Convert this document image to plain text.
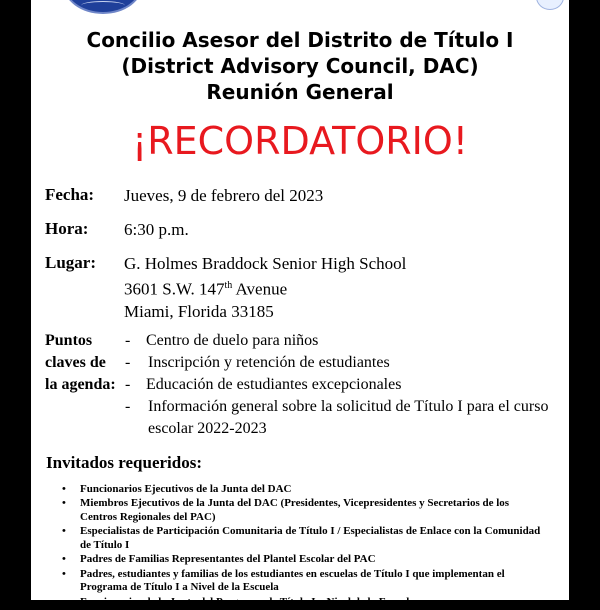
Concilio Asesor del Distrito de Título I
(District Advisory Council, DAC)
Reunión General
¡RECORDATORIO!
Fecha: Jueves, 9 de febrero del 2023
Hora: 6:30 p.m.
Lugar: G. Holmes Braddock Senior High School
3601 S.W. 147th Avenue
Miami, Florida 33185
Puntos
claves de
la agenda:
- Centro de duelo para niños
- Inscripción y retención de estudiantes
- Educación de estudiantes excepcionales
- Información general sobre la solicitud de Título I para el curso escolar 2022-2023
Invitados requeridos:
• Funcionarios Ejecutivos de la Junta del DAC
• Miembros Ejecutivos de la Junta del DAC (Presidentes, Vicepresidentes y Secretarios de los Centros Regionales del PAC)
• Especialistas de Participación Comunitaria de Título I / Especialistas de Enlace con la Comunidad de Título I
• Padres de Familias Representantes del Plantel Escolar del PAC
• Padres, estudiantes y familias de los estudiantes en escuelas de Título I que implementan el Programa de Título I a Nivel de la Escuela
• Funcionarios de la Junta del Programa de Título I a Nivel de la Escuela
